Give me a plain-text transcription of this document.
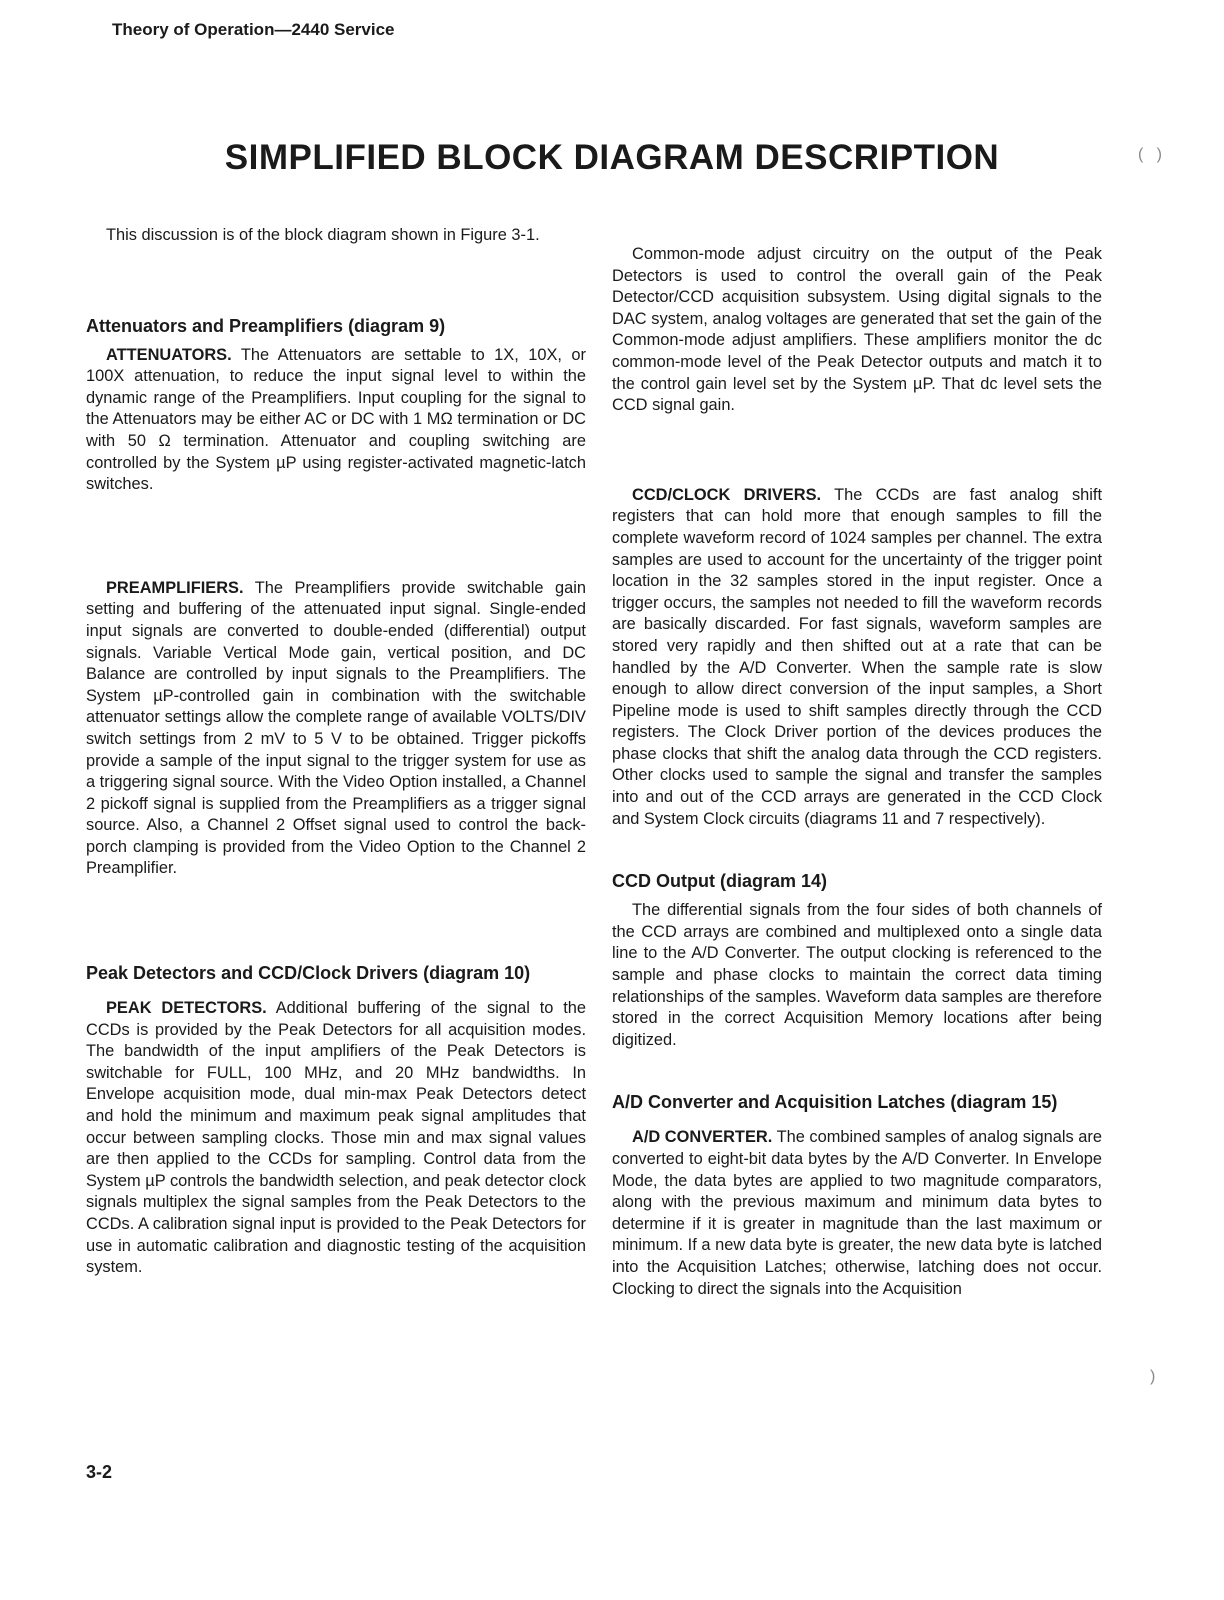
Theory of Operation—2440 Service
SIMPLIFIED BLOCK DIAGRAM DESCRIPTION	(   )
)

This discussion is of the block diagram shown in Figure 3-1.

Attenuators and Preamplifiers (diagram 9)

ATTENUATORS. The Attenuators are settable to 1X, 10X, or 100X attenuation, to reduce the input signal level to within the dynamic range of the Preamplifiers. Input coupling for the signal to the Attenuators may be either AC or DC with 1 MΩ termination or DC with 50 Ω termination. Attenuator and coupling switching are controlled by the System µP using register-activated magnetic-latch switches.

PREAMPLIFIERS. The Preamplifiers provide switchable gain setting and buffering of the attenuated input signal. Single-ended input signals are converted to double-ended (differential) output signals. Variable Vertical Mode gain, vertical position, and DC Balance are controlled by input signals to the Preamplifiers. The System µP-controlled gain in combination with the switchable attenuator settings allow the complete range of available VOLTS/DIV switch settings from 2 mV to 5 V to be obtained. Trigger pickoffs provide a sample of the input signal to the trigger system for use as a triggering signal source. With the Video Option installed, a Channel 2 pickoff signal is supplied from the Preamplifiers as a trigger signal source. Also, a Channel 2 Offset signal used to control the back-porch clamping is provided from the Video Option to the Channel 2 Preamplifier.

Peak Detectors and CCD/Clock Drivers (diagram 10)

PEAK DETECTORS. Additional buffering of the signal to the CCDs is provided by the Peak Detectors for all acquisition modes. The bandwidth of the input amplifiers of the Peak Detectors is switchable for FULL, 100 MHz, and 20 MHz bandwidths. In Envelope acquisition mode, dual min-max Peak Detectors detect and hold the minimum and maximum peak signal amplitudes that occur between sampling clocks. Those min and max signal values are then applied to the CCDs for sampling. Control data from the System µP controls the bandwidth selection, and peak detector clock signals multiplex the signal samples from the Peak Detectors to the CCDs. A calibration signal input is provided to the Peak Detectors for use in automatic calibration and diagnostic testing of the acquisition system.

Common-mode adjust circuitry on the output of the Peak Detectors is used to control the overall gain of the Peak Detector/CCD acquisition subsystem. Using digital signals to the DAC system, analog voltages are generated that set the gain of the Common-mode adjust amplifiers. These amplifiers monitor the dc common-mode level of the Peak Detector outputs and match it to the control gain level set by the System µP. That dc level sets the CCD signal gain.

CCD/CLOCK DRIVERS. The CCDs are fast analog shift registers that can hold more that enough samples to fill the complete waveform record of 1024 samples per channel. The extra samples are used to account for the uncertainty of the trigger point location in the 32 samples stored in the input register. Once a trigger occurs, the samples not needed to fill the waveform records are basically discarded. For fast signals, waveform samples are stored very rapidly and then shifted out at a rate that can be handled by the A/D Converter. When the sample rate is slow enough to allow direct conversion of the input samples, a Short Pipeline mode is used to shift samples directly through the CCD registers. The Clock Driver portion of the devices produces the phase clocks that shift the analog data through the CCD registers. Other clocks used to sample the signal and transfer the samples into and out of the CCD arrays are generated in the CCD Clock and System Clock circuits (diagrams 11 and 7 respectively).

CCD Output (diagram 14)

The differential signals from the four sides of both channels of the CCD arrays are combined and multiplexed onto a single data line to the A/D Converter. The output clocking is referenced to the sample and phase clocks to maintain the correct data timing relationships of the samples. Waveform data samples are therefore stored in the correct Acquisition Memory locations after being digitized.

A/D Converter and Acquisition Latches (diagram 15)

A/D CONVERTER. The combined samples of analog signals are converted to eight-bit data bytes by the A/D Converter. In Envelope Mode, the data bytes are applied to two magnitude comparators, along with the previous maximum and minimum data bytes to determine if it is greater in magnitude than the last maximum or minimum. If a new data byte is greater, the new data byte is latched into the Acquisition Latches; otherwise, latching does not occur. Clocking to direct the signals into the Acquisition

3-2
